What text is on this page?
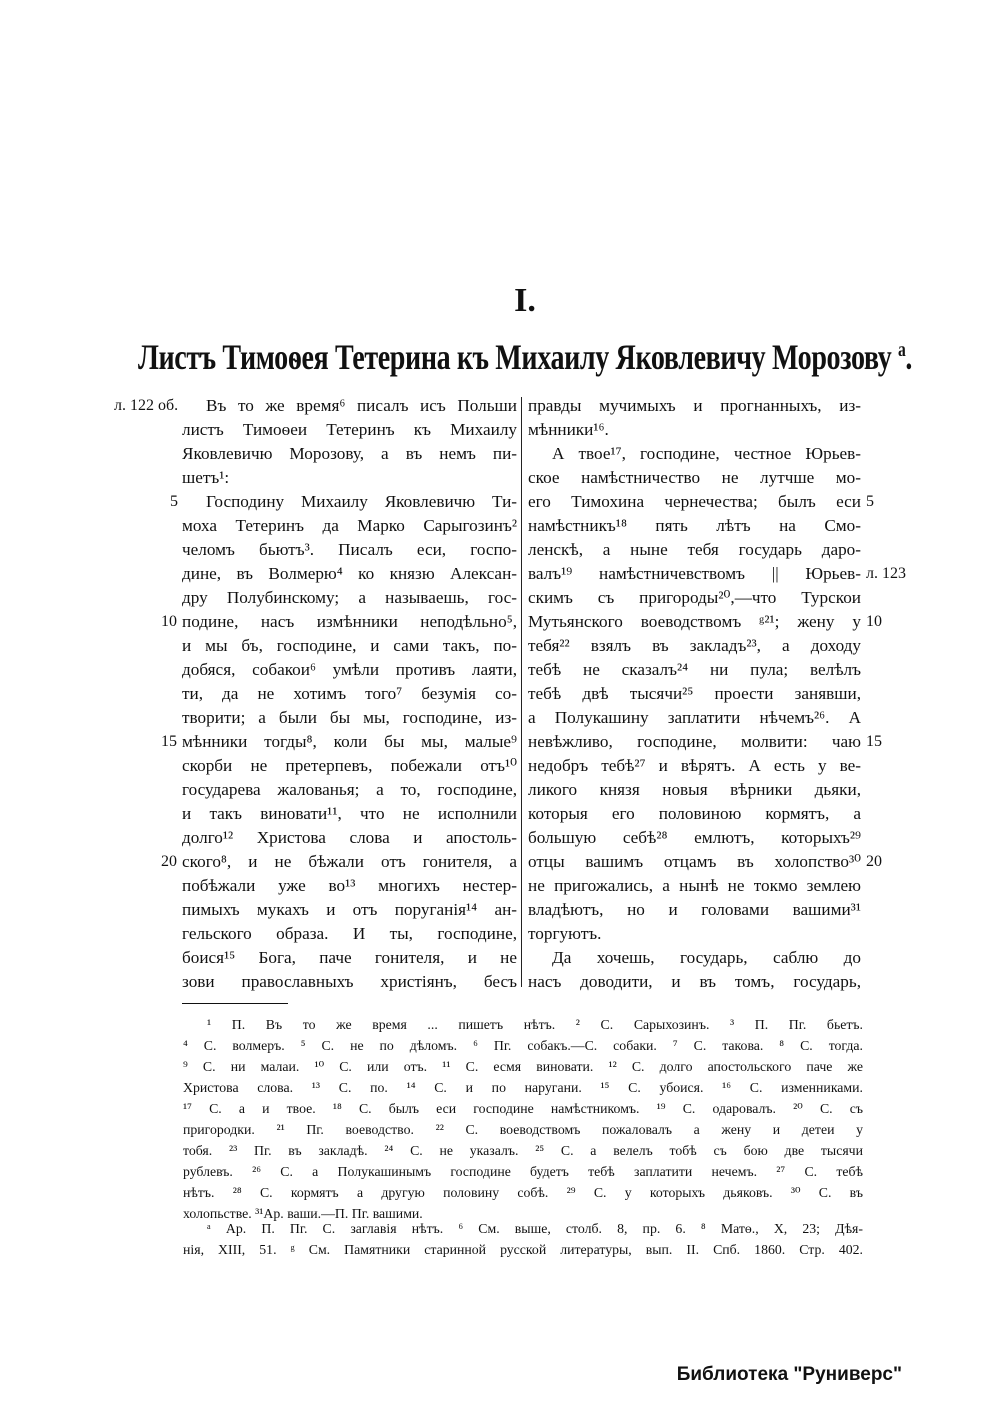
I.
Листъ Тимоѳея Тетерина къ Михаилу Яковлевичу Морозову $^а$.
л. 122 об.
л. 123
5
10
15
20
5
10
15
20
Въ то же время⁶ писалъ исъ Польши
листъ Тимоѳеи Тетеринъ къ Михаилу
Яковлевичю Морозову, а въ немъ пи-
шетъ¹:
Господину Михаилу Яковлевичю Ти-
моха Тетеринъ да Марко Сарыгозинъ²
челомъ бьютъ³. Писалъ еси, госпо-
дине, въ Волмерю⁴ ко князю Алексан-
дру Полубинскому; а называешь, гос-
подине, насъ измѣнники неподѣльно⁵,
и мы бъ, господине, и сами такъ, по-
добяся, собакои⁶ умѣли противъ лаяти,
ти, да не хотимъ того⁷ безумія со-
творити; а были бы мы, господине, из-
мѣнники тогды⁸, коли бы мы, малые⁹
скорби не претерпевъ, побежали отъ¹⁰
государева жалованья; а то, господине,
и такъ виновати¹¹, что не исполнили
долго¹² Христова слова и апостоль-
ского⁸, и не бѣжали отъ гонителя, а
побѣжали уже во¹³ многихъ нестер-
пимыхъ мукахъ и отъ поруганія¹⁴ ан-
гельского образа. И ты, господине,
боися¹⁵ Бога, паче гонителя, и не
зови православныхъ христіянъ, бесъ
правды мучимыхъ и прогнанныхъ, из-
мѣнники¹⁶.
А твое¹⁷, господине, честное Юрьев-
ское намѣстничество не лутчше мо-
его Тимохина чернечества; былъ еси
намѣстникъ¹⁸ пять лѣтъ на Смо-
ленскѣ, а ныне тебя государь даро-
валъ¹⁹ намѣстничевствомъ || Юрьев-
скимъ съ пригороды²⁰,—что Турскои
Мутьянского воеводствомъ ᵍ²¹; жену у
тебя²² взялъ въ закладъ²³, а доходу
тебѣ не сказалъ²⁴ ни пула; велѣлъ
тебѣ двѣ тысячи²⁵ проести занявши,
а Полукашину заплатити нѣчемъ²⁶. А
невѣжливо, господине, молвити: чаю
недобръ тебѣ²⁷ и вѣрятъ. А есть у ве-
ликого князя новыя вѣрники дьяки,
которыя его половиною кормятъ, а
большую себѣ²⁸ емлютъ, которыхъ²⁹
отцы вашимъ отцамъ въ холопство³⁰
не пригожались, а нынѣ не токмо землею
владѣютъ, но и головами вашими³¹
торгуютъ.
Да хочешь, государь, саблю до
насъ доводити, и въ томъ, государь,
¹ П. Въ то же время ... пишетъ нѣтъ. ² С. Сарыхозинъ. ³ П. Пг. бьетъ.
⁴ С. волмеръ. ⁵ С. не по дѣломъ. ⁶ Пг. собакъ.—С. собаки. ⁷ С. такова. ⁸ С. тогда.
⁹ С. ни малаи. ¹⁰ С. или отъ. ¹¹ С. есмя виновати. ¹² С. долго апостольского паче же
Христова слова. ¹³ С. по. ¹⁴ С. и по наругани. ¹⁵ С. убоися. ¹⁶ С. изменниками.
¹⁷ С. а и твое. ¹⁸ С. былъ еси господине намѣстникомъ. ¹⁹ С. одаровалъ. ²⁰ С. съ
пригородки. ²¹ Пг. воеводство. ²² С. воеводствомъ пожаловалъ а жену и детеи у
тобя. ²³ Пг. въ закладѣ. ²⁴ С. не указалъ. ²⁵ С. а велелъ тобѣ съ бою две тысячи
рублевъ. ²⁶ С. а Полукашинымъ господине будетъ тебѣ заплатити нечемъ. ²⁷ С. тебѣ
нѣтъ. ²⁸ С. кормятъ а другую половину собѣ. ²⁹ С. у которыхъ дьяковъ. ³⁰ С. въ
холопьстве. ³¹Ар. ваши.—П. Пг. вашими.
ᵃ Ар. П. Пг. С. заглавія нѣтъ. ⁶ См. выше, столб. 8, пр. 6. ⁸ Матѳ., X, 23; Дѣя-
нія, XIII, 51. ᵍ См. Памятники старинной русской литературы, вып. II. Спб. 1860. Стр. 402.
Библиотека "Руниверс"
